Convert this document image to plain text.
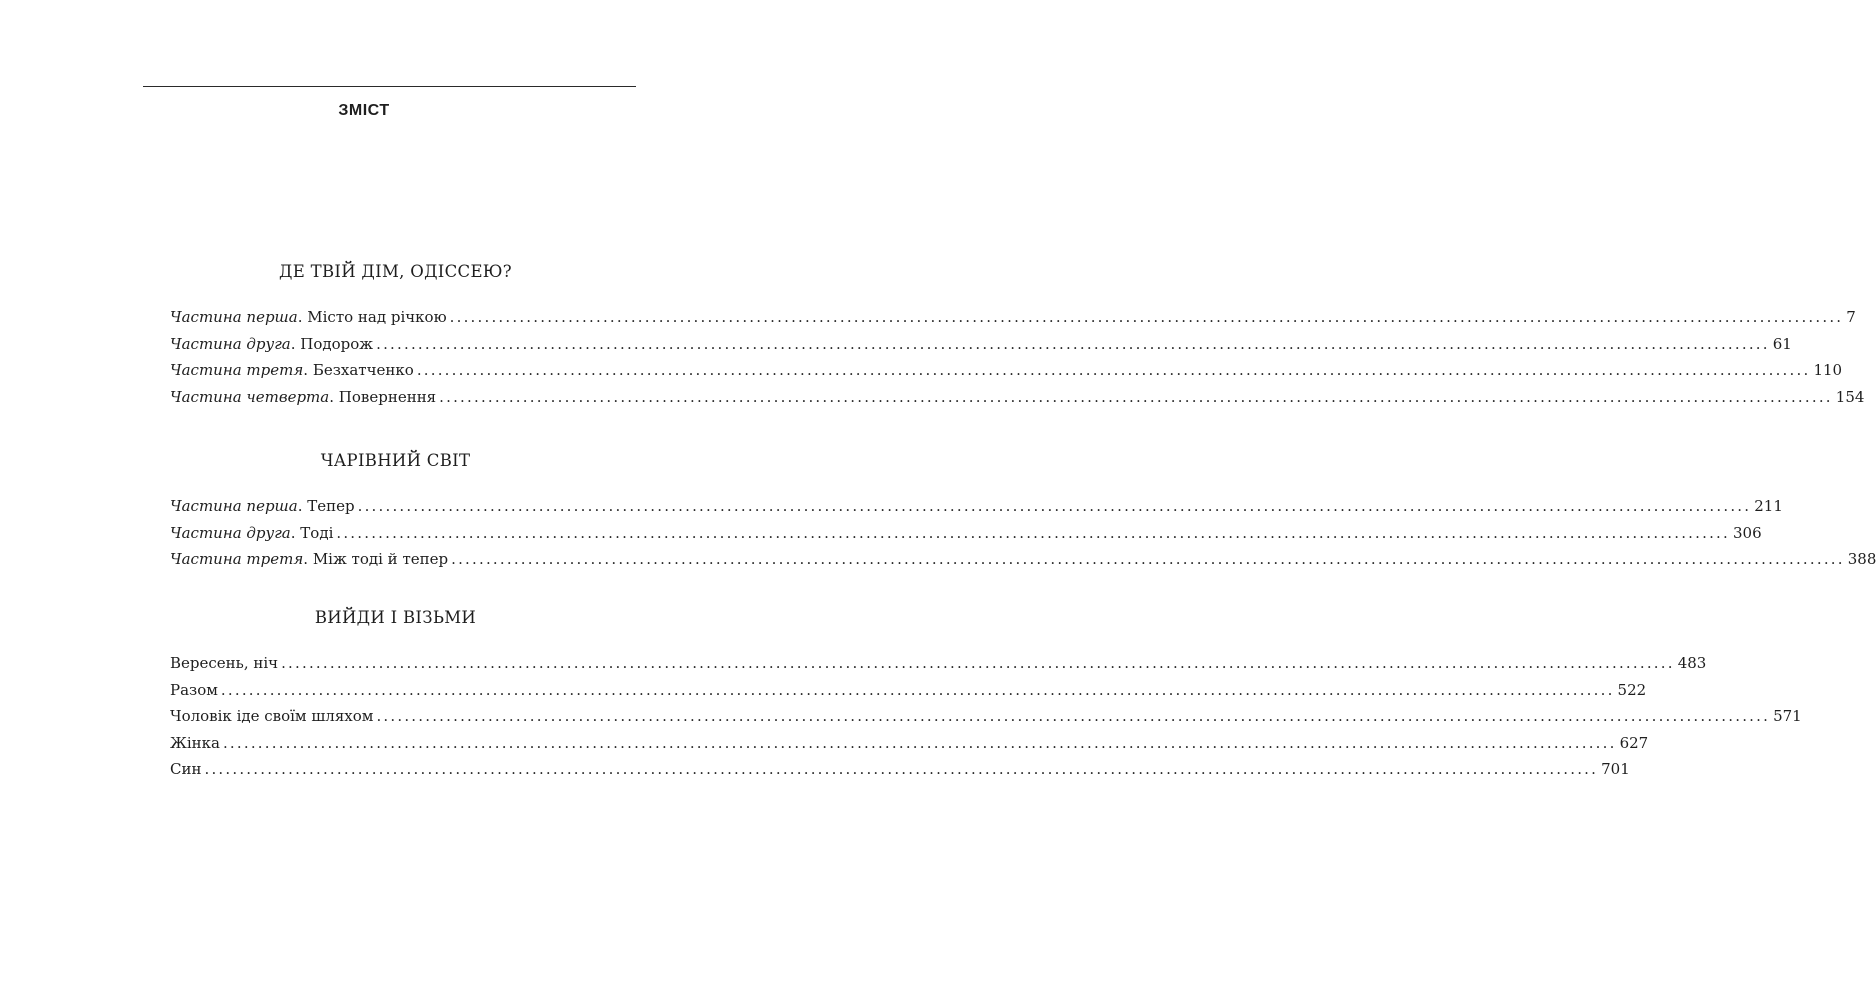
ЗМІСТ
ДЕ ТВІЙ ДІМ, ОДІССЕЮ?
Частина перша. Місто над річкою ........................................................................................................................................................................................................ 7
Частина друга. Подорож ........................................................................................................................................................................................................ 61
Частина третя. Безхатченко ........................................................................................................................................................................................................ 110
Частина четверта. Повернення ........................................................................................................................................................................................................ 154
ЧАРІВНИЙ СВІТ
Частина перша. Тепер ........................................................................................................................................................................................................ 211
Частина друга. Тоді ........................................................................................................................................................................................................ 306
Частина третя. Між тоді й тепер ........................................................................................................................................................................................................ 388
ВИЙДИ І ВІЗЬМИ
Вересень, ніч ........................................................................................................................................................................................................ 483
Разом ........................................................................................................................................................................................................ 522
Чоловік іде своїм шляхом ........................................................................................................................................................................................................ 571
Жінка ........................................................................................................................................................................................................ 627
Син ........................................................................................................................................................................................................ 701
